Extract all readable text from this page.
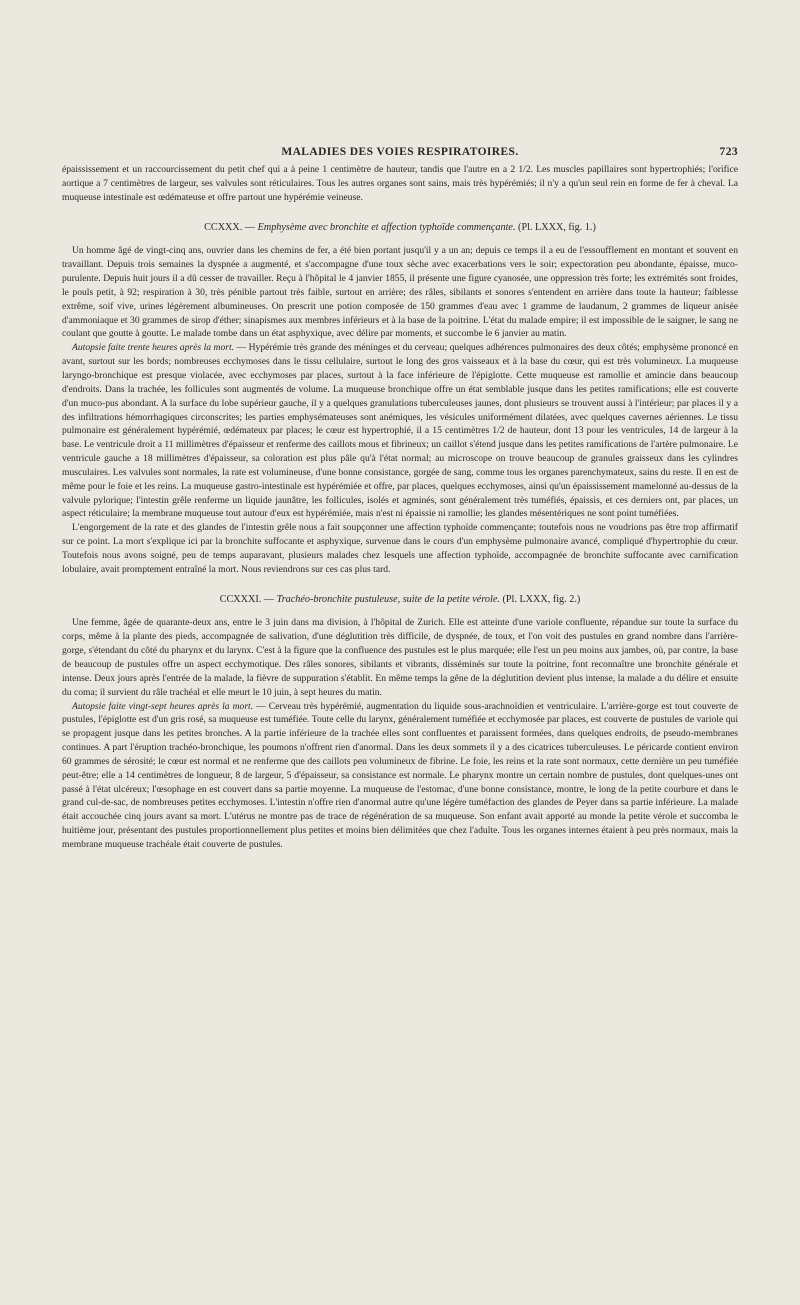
MALADIES DES VOIES RESPIRATOIRES.	723

épaississement et un raccourcissement du petit chef qui a à peine 1 centimètre de hauteur, tandis que l'autre en a 2 1/2. Les muscles papillaires sont hypertrophiés; l'orifice aortique a 7 centimètres de largeur, ses valvules sont réticulaires. Tous les autres organes sont sains, mais très hypérémiés; il n'y a qu'un seul rein en forme de fer à cheval. La muqueuse intestinale est œdémateuse et offre partout une hypérémie veineuse.

CCXXX. — Emphysème avec bronchite et affection typhoïde commençante. (Pl. LXXX, fig. 1.)

Un homme âgé de vingt-cinq ans, ouvrier dans les chemins de fer, a été bien portant jusqu'il y a un an; depuis ce temps il a eu de l'essoufflement en montant et souvent en travaillant. Depuis trois semaines la dyspnée a augmenté, et s'accompagne d'une toux sèche avec exacerbations vers le soir; expectoration peu abondante, épaisse, muco-purulente. Depuis huit jours il a dû cesser de travailler. Reçu à l'hôpital le 4 janvier 1855, il présente une figure cyanosée, une oppression très forte; les extrémités sont froides, le pouls petit, à 92; respiration à 30, très pénible partout très faible, surtout en arrière; des râles, sibilants et sonores s'entendent en arrière dans toute la hauteur; faiblesse extrême, soif vive, urines légèrement albumineuses. On prescrit une potion composée de 150 grammes d'eau avec 1 gramme de laudanum, 2 grammes de liqueur anisée d'ammoniaque et 30 grammes de sirop d'éther; sinapismes aux membres inférieurs et à la base de la poitrine. L'état du malade empire; il est impossible de le saigner, le sang ne coulant que goutte à goutte. Le malade tombe dans un état asphyxique, avec délire par moments, et succombe le 6 janvier au matin.

Autopsie faite trente heures après la mort. — Hypérémie très grande des méninges et du cerveau; quelques adhérences pulmonaires des deux côtés; emphysème prononcé en avant, surtout sur les bords; nombreuses ecchymoses dans le tissu cellulaire, surtout le long des gros vaisseaux et à la base du cœur, qui est très volumineux. La muqueuse laryngo-bronchique est presque violacée, avec ecchymoses par places, surtout à la face inférieure de l'épiglotte. Cette muqueuse est ramollie et amincie dans beaucoup d'endroits. Dans la trachée, les follicules sont augmentés de volume. La muqueuse bronchique offre un état semblable jusque dans les petites ramifications; elle est couverte d'un muco-pus abondant. A la surface du lobe supérieur gauche, il y a quelques granulations tuberculeuses jaunes, dont plusieurs se trouvent aussi à l'intérieur; par places il y a des infiltrations hémorrhagiques circonscrites; les parties emphysémateuses sont anémiques, les vésicules uniformément dilatées, avec quelques cavernes aériennes. Le tissu pulmonaire est généralement hypérémié, œdémateux par places; le cœur est hypertrophié, il a 15 centimètres 1/2 de hauteur, dont 13 pour les ventricules, 14 de largeur à la base. Le ventricule droit a 11 millimètres d'épaisseur et renferme des caillots mous et fibrineux; un caillot s'étend jusque dans les petites ramifications de l'artère pulmonaire. Le ventricule gauche a 18 millimètres d'épaisseur, sa coloration est plus pâle qu'à l'état normal; au microscope on trouve beaucoup de granules graisseux dans les cylindres musculaires. Les valvules sont normales, la rate est volumineuse, d'une bonne consistance, gorgée de sang, comme tous les organes parenchymateux, sains du reste. Il en est de même pour le foie et les reins. La muqueuse gastro-intestinale est hypérémiée et offre, par places, quelques ecchymoses, ainsi qu'un épaississement mamelonné au-dessus de la valvule pylorique; l'intestin grêle renferme un liquide jaunâtre, les follicules, isolés et agminés, sont généralement très tuméfiés, épaissis, et ces derniers ont, par places, un aspect réticulaire; la membrane muqueuse tout autour d'eux est hypérémiée, mais n'est ni épaissie ni ramollie; les glandes mésentériques ne sont point tuméfiées.

L'engorgement de la rate et des glandes de l'intestin grêle nous a fait soupçonner une affection typhoïde commençante; toutefois nous ne voudrions pas être trop affirmatif sur ce point. La mort s'explique ici par la bronchite suffocante et asphyxique, survenue dans le cours d'un emphysème pulmonaire avancé, compliqué d'hypertrophie du cœur. Toutefois nous avons soigné, peu de temps auparavant, plusieurs malades chez lesquels une affection typhoïde, accompagnée de bronchite suffocante avec carnification lobulaire, avait promptement entraîné la mort. Nous reviendrons sur ces cas plus tard.

CCXXXI. — Trachéo-bronchite pustuleuse, suite de la petite vérole. (Pl. LXXX, fig. 2.)

Une femme, âgée de quarante-deux ans, entre le 3 juin dans ma division, à l'hôpital de Zurich. Elle est atteinte d'une variole confluente, répandue sur toute la surface du corps, même à la plante des pieds, accompagnée de salivation, d'une déglutition très difficile, de dyspnée, de toux, et l'on voit des pustules en grand nombre dans l'arrière-gorge, s'étendant du côté du pharynx et du larynx. C'est à la figure que la confluence des pustules est le plus marquée; elle l'est un peu moins aux jambes, où, par contre, la base de beaucoup de pustules offre un aspect ecchymotique. Des râles sonores, sibilants et vibrants, disséminés sur toute la poitrine, font reconnaître une bronchite générale et intense. Deux jours après l'entrée de la malade, la fièvre de suppuration s'établit. En même temps la gêne de la déglutition devient plus intense, la malade a du délire et ensuite du coma; il survient du râle trachéal et elle meurt le 10 juin, à sept heures du matin.

Autopsie faite vingt-sept heures après la mort. — Cerveau très hypérémié, augmentation du liquide sous-arachnoïdien et ventriculaire. L'arrière-gorge est tout couverte de pustules, l'épiglotte est d'un gris rosé, sa muqueuse est tuméfiée. Toute celle du larynx, généralement tuméfiée et ecchymosée par places, est couverte de pustules de variole qui se propagent jusque dans les petites bronches. A la partie inférieure de la trachée elles sont confluentes et paraissent formées, dans quelques endroits, de pseudo-membranes continues. A part l'éruption trachéo-bronchique, les poumons n'offrent rien d'anormal. Dans les deux sommets il y a des cicatrices tuberculeuses. Le péricarde contient environ 60 grammes de sérosité; le cœur est normal et ne renferme que des caillots peu volumineux de fibrine. Le foie, les reins et la rate sont normaux, cette dernière un peu tuméfiée peut-être; elle a 14 centimètres de longueur, 8 de largeur, 5 d'épaisseur, sa consistance est normale. Le pharynx montre un certain nombre de pustules, dont quelques-unes ont passé à l'état ulcéreux; l'œsophage en est couvert dans sa partie moyenne. La muqueuse de l'estomac, d'une bonne consistance, montre, le long de la petite courbure et dans le grand cul-de-sac, de nombreuses petites ecchymoses. L'intestin n'offre rien d'anormal autre qu'une légère tuméfaction des glandes de Peyer dans sa partie inférieure. La malade était accouchée cinq jours avant sa mort. L'utérus ne montre pas de trace de régénération de sa muqueuse. Son enfant avait apporté au monde la petite vérole et succomba le huitième jour, présentant des pustules proportionnellement plus petites et moins bien délimitées que chez l'adulte. Tous les organes internes étaient à peu près normaux, mais la membrane muqueuse trachéale était couverte de pustules.
